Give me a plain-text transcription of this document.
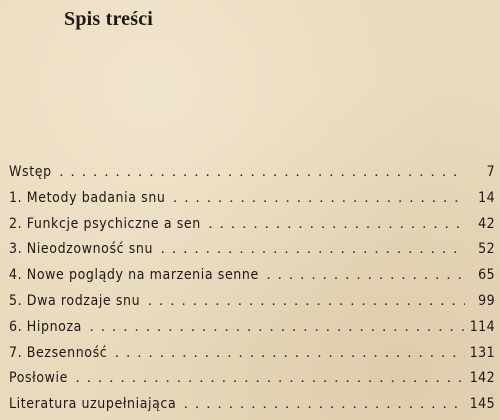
Spis treści
Wstęp . .	7
1. Metody badania snu . .	14
2. Funkcje psychiczne a sen . .	42
3. Nieodzowność snu . .	52
4. Nowe poglądy na marzenia senne . .	65
5. Dwa rodzaje snu . .	99
6. Hipnoza . .	114
7. Bezsenność . .	131
Posłowie . .	142
Literatura uzupełniająca . .	145
